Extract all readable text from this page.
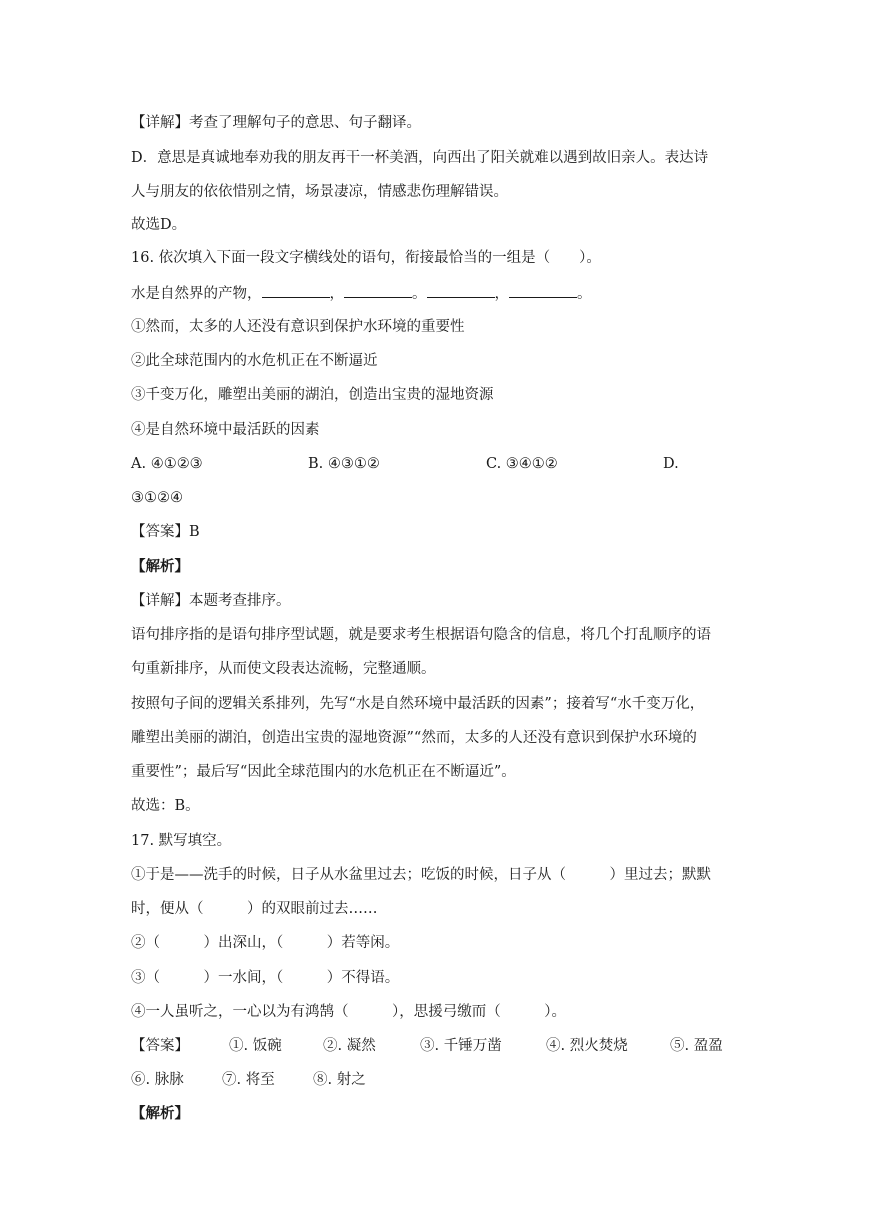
【详解】考查了理解句子的意思、句子翻译。
D．意思是真诚地奉劝我的朋友再干一杯美酒，向西出了阳关就难以遇到故旧亲人。表达诗
人与朋友的依依惜别之情，场景凄凉，情感悲伤理解错误。
故选D。
16. 依次填入下面一段文字横线处的语句，衔接最恰当的一组是（　　）。
水是自然界的产物，	，	。	，	。
①然而，太多的人还没有意识到保护水环境的重要性
②此全球范围内的水危机正在不断逼近
③千变万化，雕塑出美丽的湖泊，创造出宝贵的湿地资源
④是自然环境中最活跃的因素
A. ④①②③	B. ④③①②	C. ③④①②	D.
③①②④
【答案】B
【解析】
【详解】本题考查排序。
语句排序指的是语句排序型试题，就是要求考生根据语句隐含的信息，将几个打乱顺序的语
句重新排序，从而使文段表达流畅，完整通顺。
按照句子间的逻辑关系排列，先写“水是自然环境中最活跃的因素”；接着写“水千变万化，
雕塑出美丽的湖泊，创造出宝贵的湿地资源”“然而，太多的人还没有意识到保护水环境的
重要性”；最后写“因此全球范围内的水危机正在不断逼近”。
故选：B。
17. 默写填空。
①于是——洗手的时候，日子从水盆里过去；吃饭的时候，日子从（　　　）里过去；默默
时，便从（　　　）的双眼前过去……
②（　　　）出深山，（　　　）若等闲。
③（　　　）一水间，（　　　）不得语。
④一人虽听之，一心以为有鸿鹄（　　　），思援弓缴而（　　　）。
【答案】	①. 饭碗	②. 凝然	③. 千锤万凿	④. 烈火焚烧	⑤. 盈盈
⑥. 脉脉	⑦. 将至	⑧. 射之
【解析】
